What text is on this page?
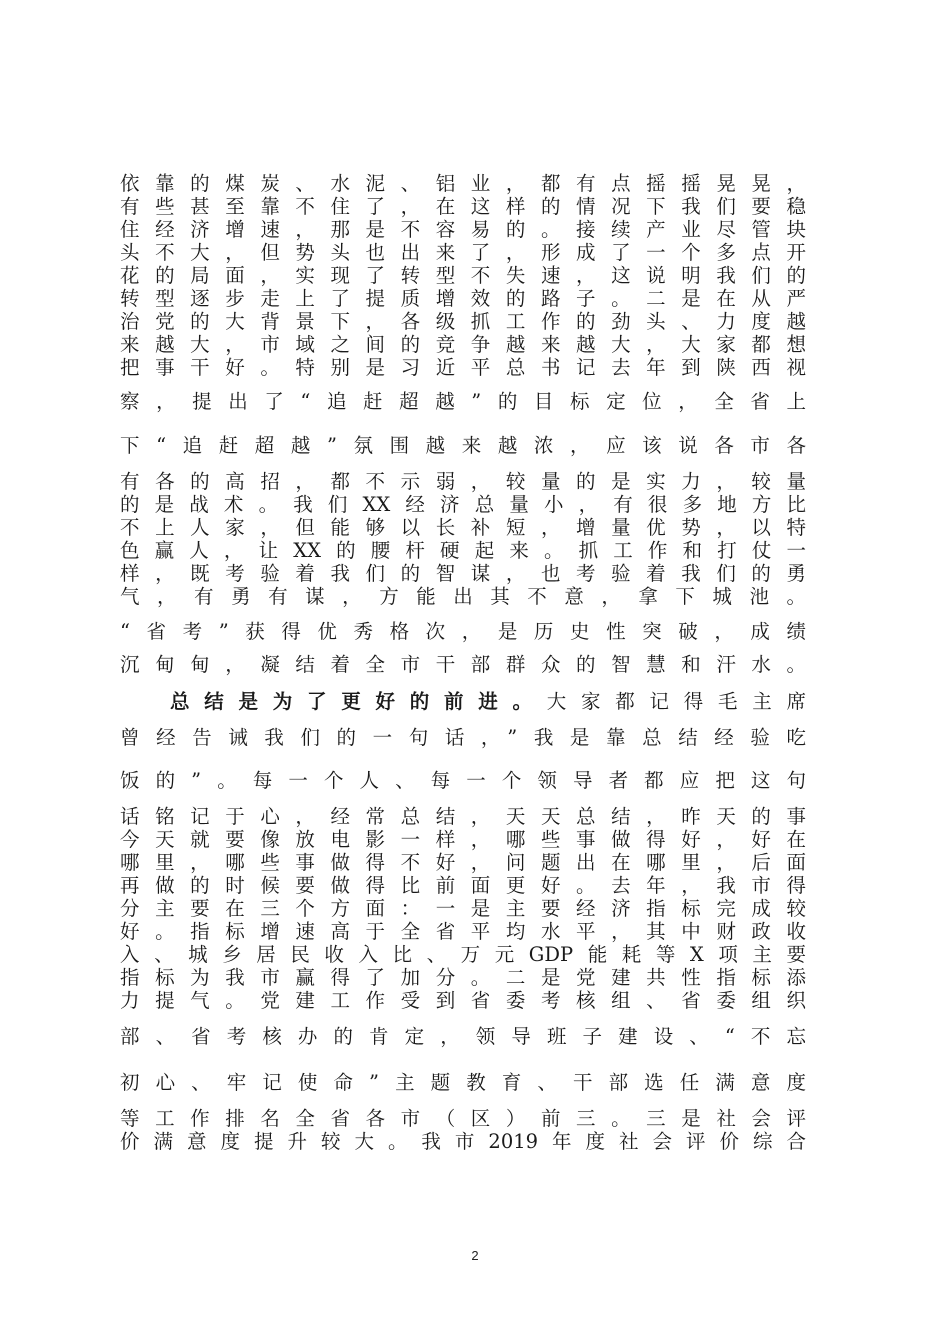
依靠的煤炭、水泥、铝业，都有点摇摇晃晃，
有些甚至靠不住了，在这样的情况下我们要稳
住经济增速，那是不容易的。接续产业尽管块
头不大，但势头也出来了，形成了一个多点开
花的局面，实现了转型不失速，这说明我们的
转型逐步走上了提质增效的路子。二是在从严
治党的大背景下，各级抓工作的劲头、力度越
来越大，市域之间的竞争越来越大，大家都想
把事干好。特别是习近平总书记去年到陕西视
察，提出了“追赶超越”的目标定位，全省上
下“追赶超越”氛围越来越浓，应该说各市各
有各的高招，都不示弱，较量的是实力，较量
的是战术。我们XX经济总量小，有很多地方比
不上人家，但能够以长补短，增量优势，以特
色赢人，让XX的腰杆硬起来。抓工作和打仗一
样，既考验着我们的智谋，也考验着我们的勇
气，有勇有谋，方能出其不意，拿下城池。
“省考”获得优秀格次，是历史性突破，成绩
沉甸甸，凝结着全市干部群众的智慧和汗水。
总结是为了更好的前进。大家都记得毛主席
曾经告诫我们的一句话，”我是靠总结经验吃
饭的”。每一个人、每一个领导者都应把这句
话铭记于心，经常总结，天天总结，昨天的事
今天就要像放电影一样，哪些事做得好，好在
哪里，哪些事做得不好，问题出在哪里，后面
再做的时候要做得比前面更好。去年，我市得
分主要在三个方面：一是主要经济指标完成较
好。指标增速高于全省平均水平，其中财政收
入、城乡居民收入比、万元GDP能耗等X项主要
指标为我市赢得了加分。二是党建共性指标添
力提气。党建工作受到省委考核组、省委组织
部、省考核办的肯定，领导班子建设、“不忘
初心、牢记使命”主题教育、干部选任满意度
等工作排名全省各市（区）前三。三是社会评
价满意度提升较大。我市2019年度社会评价综合
2
